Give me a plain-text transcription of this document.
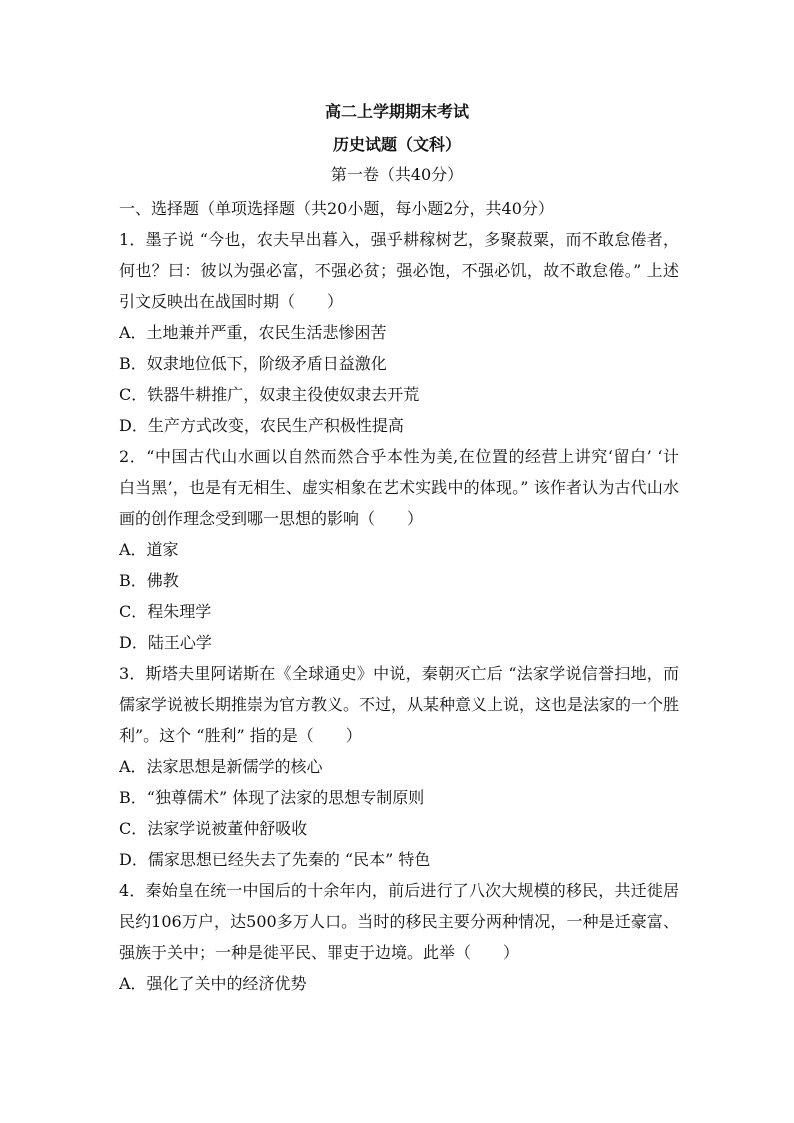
高二上学期期末考试
历史试题（文科）
第一卷（共40分）
一、选择题（单项选择题（共20小题，每小题2分，共40分）
1．墨子说 “今也，农夫早出暮入，强乎耕稼树艺，多聚菽粟，而不敢怠倦者，
何也？曰：彼以为强必富，不强必贫；强必饱，不强必饥，故不敢怠倦。” 上述
引文反映出在战国时期（　　）
A．土地兼并严重，农民生活悲惨困苦
B．奴隶地位低下，阶级矛盾日益激化
C．铁器牛耕推广，奴隶主役使奴隶去开荒
D．生产方式改变，农民生产积极性提高
2．“中国古代山水画以自然而然合乎本性为美,在位置的经营上讲究‘留白’ ‘计
白当黑’，也是有无相生、虚实相象在艺术实践中的体现。” 该作者认为古代山水
画的创作理念受到哪一思想的影响（　　）
A．道家
B．佛教
C．程朱理学
D．陆王心学
3．斯塔夫里阿诺斯在《全球通史》中说，秦朝灭亡后 “法家学说信誉扫地，而
儒家学说被长期推崇为官方教义。不过，从某种意义上说，这也是法家的一个胜
利”。这个 “胜利” 指的是（　　）
A．法家思想是新儒学的核心
B．“独尊儒术” 体现了法家的思想专制原则
C．法家学说被董仲舒吸收
D．儒家思想已经失去了先秦的 “民本” 特色
4．秦始皇在统一中国后的十余年内，前后进行了八次大规模的移民，共迁徙居
民约106万户，达500多万人口。当时的移民主要分两种情况，一种是迁豪富、
强族于关中；一种是徙平民、罪吏于边境。此举（　　）
A．强化了关中的经济优势
